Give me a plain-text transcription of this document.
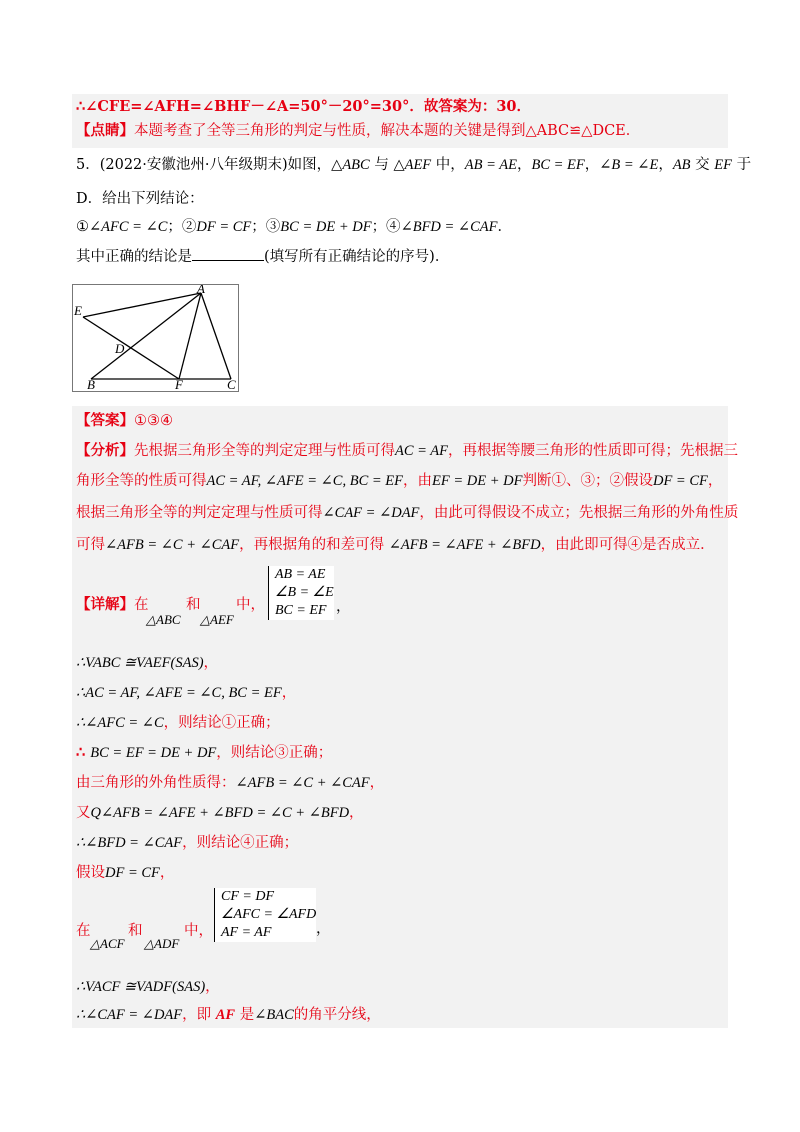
∴∠CFE=∠AFH=∠BHF－∠A=50°－20°=30°．故答案为：30．
【点睛】本题考查了全等三角形的判定与性质，解决本题的关键是得到△ABC≌△DCE．
5．(2022·安徽池州·八年级期末)如图，△ABC 与 △AEF 中，AB = AE，BC = EF，∠B = ∠E，AB 交 EF 于
D．给出下列结论：
①∠AFC = ∠C；②DF = CF；③BC = DE + DF；④∠BFD = ∠CAF．
其中正确的结论是	(填写所有正确结论的序号)．
A
E
D
B	F	C
【答案】①③④
【分析】先根据三角形全等的判定定理与性质可得AC = AF，再根据等腰三角形的性质即可得；先根据三
角形全等的性质可得AC = AF, ∠AFE = ∠C, BC = EF，由EF = DE + DF判断①、③；②假设DF = CF，
根据三角形全等的判定定理与性质可得∠CAF = ∠DAF，由此可得假设不成立；先根据三角形的外角性质
可得∠AFB = ∠C + ∠CAF，再根据角的和差可得 ∠AFB = ∠AFE + ∠BFD，由此即可得④是否成立．
【详解】在
△ABC
和
△AEF
中，
AB = AE
∠B = ∠E
BC = EF ，
∴VABC ≅VAEF(SAS)，
∴AC = AF, ∠AFE = ∠C, BC = EF，
∴∠AFC = ∠C，则结论①正确；
∴ BC = EF = DE + DF，则结论③正确；
由三角形的外角性质得：∠AFB = ∠C + ∠CAF，
又Q∠AFB = ∠AFE + ∠BFD = ∠C + ∠BFD，
∴∠BFD = ∠CAF，则结论④正确；
假设DF = CF，
在
△ACF
和
△ADF
中，
CF = DF
∠AFC = ∠AFD
AF = AF	，
∴VACF ≅VADF(SAS)，
∴∠CAF = ∠DAF，即 AF 是∠BAC的角平分线，
